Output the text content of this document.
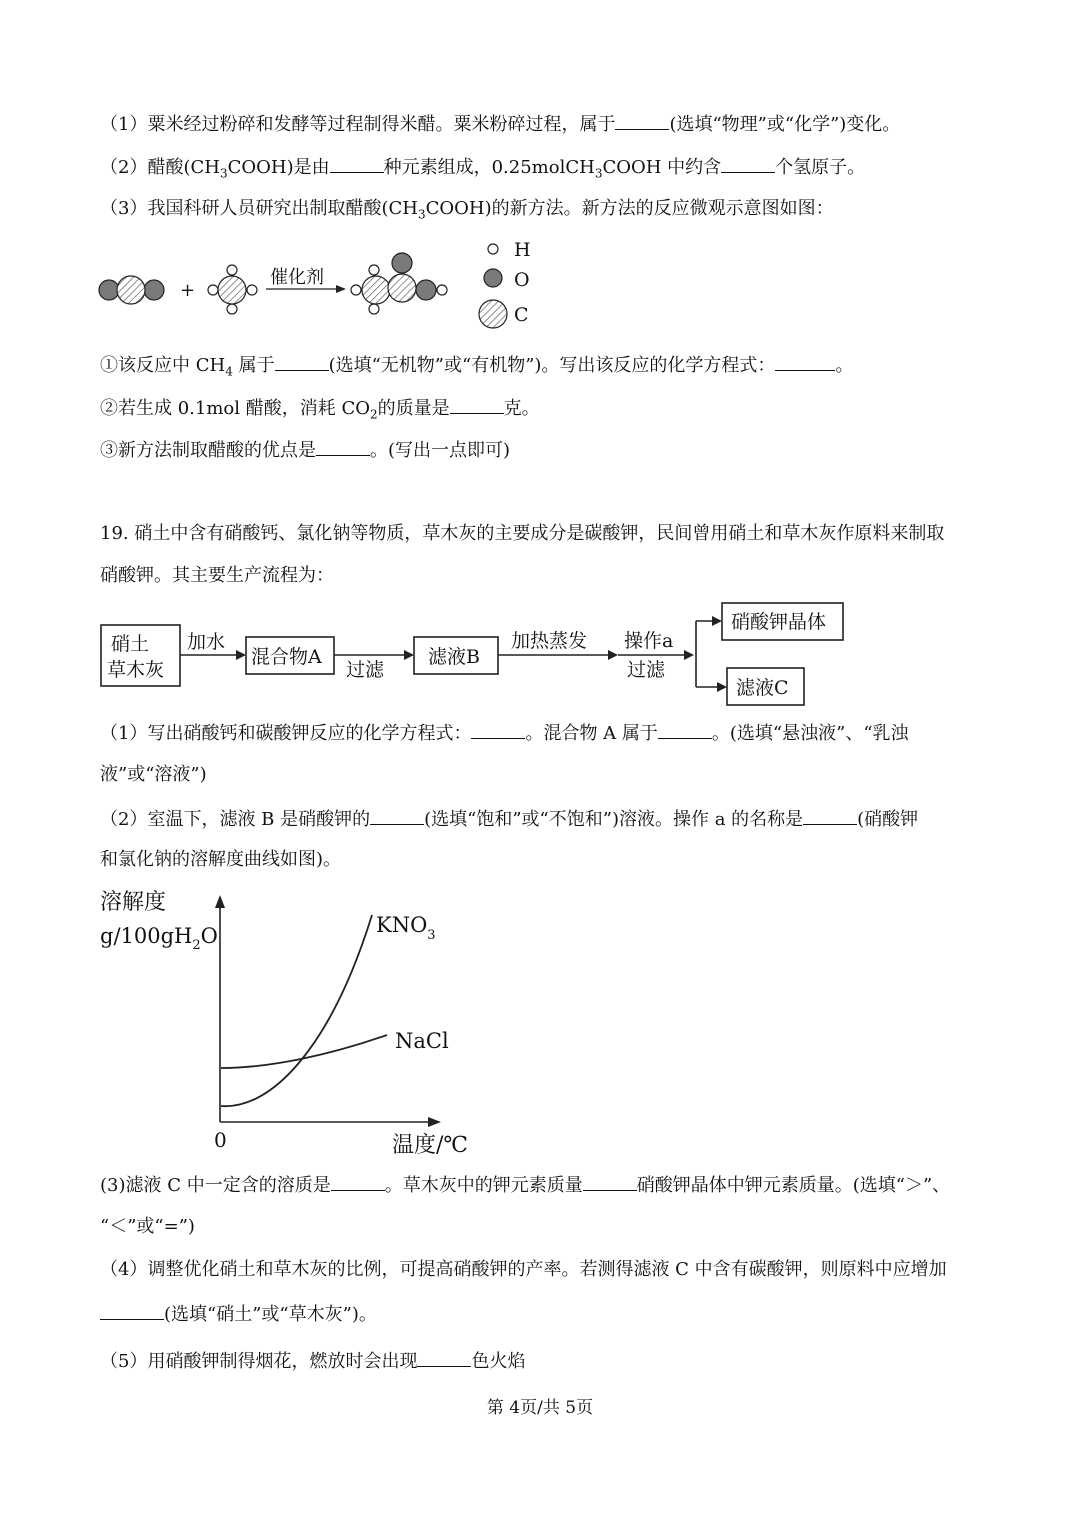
（1）粟米经过粉碎和发酵等过程制得米醋。粟米粉碎过程，属于	(选填“物理”或“化学”)变化。
（2）醋酸$(CH_3COOH)$是由	种元素组成，0.25molCH$_3$COOH 中约含	个氢原子。
（3）我国科研人员研究出制取醋酸$(CH_3COOH)$的新方法。新方法的反应微观示意图如图：
+
催化剂
H
O
C
①该反应中 $CH_4$ 属于	(选填“无机物”或“有机物”)。写出该反应的化学方程式：	。
②若生成 0.1mol 醋酸，消耗 $CO_2$的质量是	克。
③新方法制取醋酸的优点是	。(写出一点即可)
19. 硝土中含有硝酸钙、氯化钠等物质，草木灰的主要成分是碳酸钾，民间曾用硝土和草木灰作原料来制取
硝酸钾。其主要生产流程为：
硝土
草木灰
加水
混合物A
过滤
滤液B
加热蒸发 操作a
过滤
硝酸钾晶体
滤液C
（1）写出硝酸钙和碳酸钾反应的化学方程式：	。混合物 A 属于	。(选填“悬浊液”、“乳浊
液”或“溶液”)
（2）室温下，滤液 B 是硝酸钾的	(选填“饱和”或“不饱和”)溶液。操作 a 的名称是	(硝酸钾
和氯化钠的溶解度曲线如图)。
溶解度
$g/100gH_2O$	$KNO_3$
NaCl
0	温度/℃
(3)滤液 C 中一定含的溶质是	。草木灰中的钾元素质量	硝酸钾晶体中钾元素质量。(选填“＞”、
“＜”或“=”)
（4）调整优化硝土和草木灰的比例，可提高硝酸钾的产率。若测得滤液 C 中含有碳酸钾，则原料中应增加
(选填“硝土”或“草木灰”)。
（5）用硝酸钾制得烟花，燃放时会出现	色火焰
第 4页/共 5页
